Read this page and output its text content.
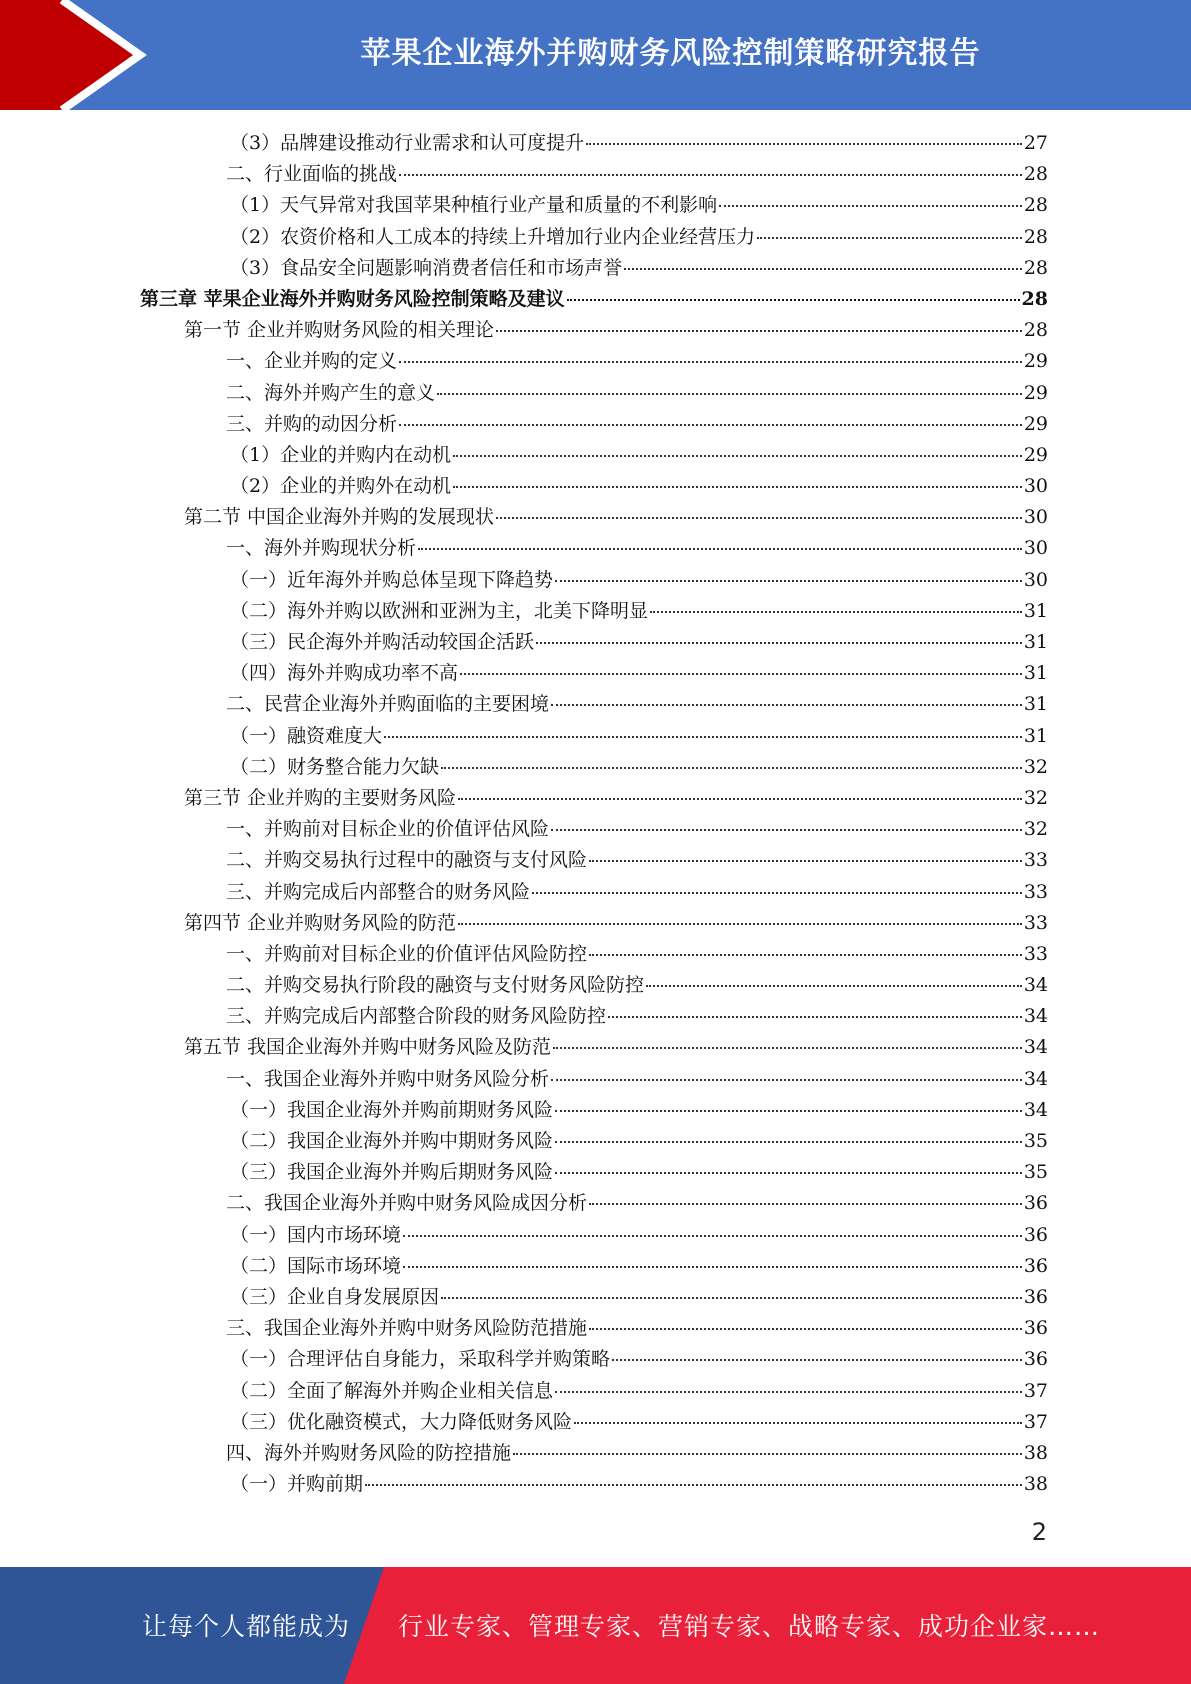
苹果企业海外并购财务风险控制策略研究报告
（3）品牌建设推动行业需求和认可度提升	27
二、行业面临的挑战	28
（1）天气异常对我国苹果种植行业产量和质量的不利影响	28
（2）农资价格和人工成本的持续上升增加行业内企业经营压力	28
（3）食品安全问题影响消费者信任和市场声誉	28
第三章 苹果企业海外并购财务风险控制策略及建议	28
第一节 企业并购财务风险的相关理论	28
一、企业并购的定义	29
二、海外并购产生的意义	29
三、并购的动因分析	29
（1）企业的并购内在动机	29
（2）企业的并购外在动机	30
第二节 中国企业海外并购的发展现状	30
一、海外并购现状分析	30
（一）近年海外并购总体呈现下降趋势	30
（二）海外并购以欧洲和亚洲为主，北美下降明显	31
（三）民企海外并购活动较国企活跃	31
（四）海外并购成功率不高	31
二、民营企业海外并购面临的主要困境	31
（一）融资难度大	31
（二）财务整合能力欠缺	32
第三节 企业并购的主要财务风险	32
一、并购前对目标企业的价值评估风险	32
二、并购交易执行过程中的融资与支付风险	33
三、并购完成后内部整合的财务风险	33
第四节 企业并购财务风险的防范	33
一、并购前对目标企业的价值评估风险防控	33
二、并购交易执行阶段的融资与支付财务风险防控	34
三、并购完成后内部整合阶段的财务风险防控	34
第五节 我国企业海外并购中财务风险及防范	34
一、我国企业海外并购中财务风险分析	34
（一）我国企业海外并购前期财务风险	34
（二）我国企业海外并购中期财务风险	35
（三）我国企业海外并购后期财务风险	35
二、我国企业海外并购中财务风险成因分析	36
（一）国内市场环境	36
（二）国际市场环境	36
（三）企业自身发展原因	36
三、我国企业海外并购中财务风险防范措施	36
（一）合理评估自身能力，采取科学并购策略	36
（二）全面了解海外并购企业相关信息	37
（三）优化融资模式，大力降低财务风险	37
四、海外并购财务风险的防控措施	38
（一）并购前期	38
2
让每个人都能成为 行业专家、管理专家、营销专家、战略专家、成功企业家……
